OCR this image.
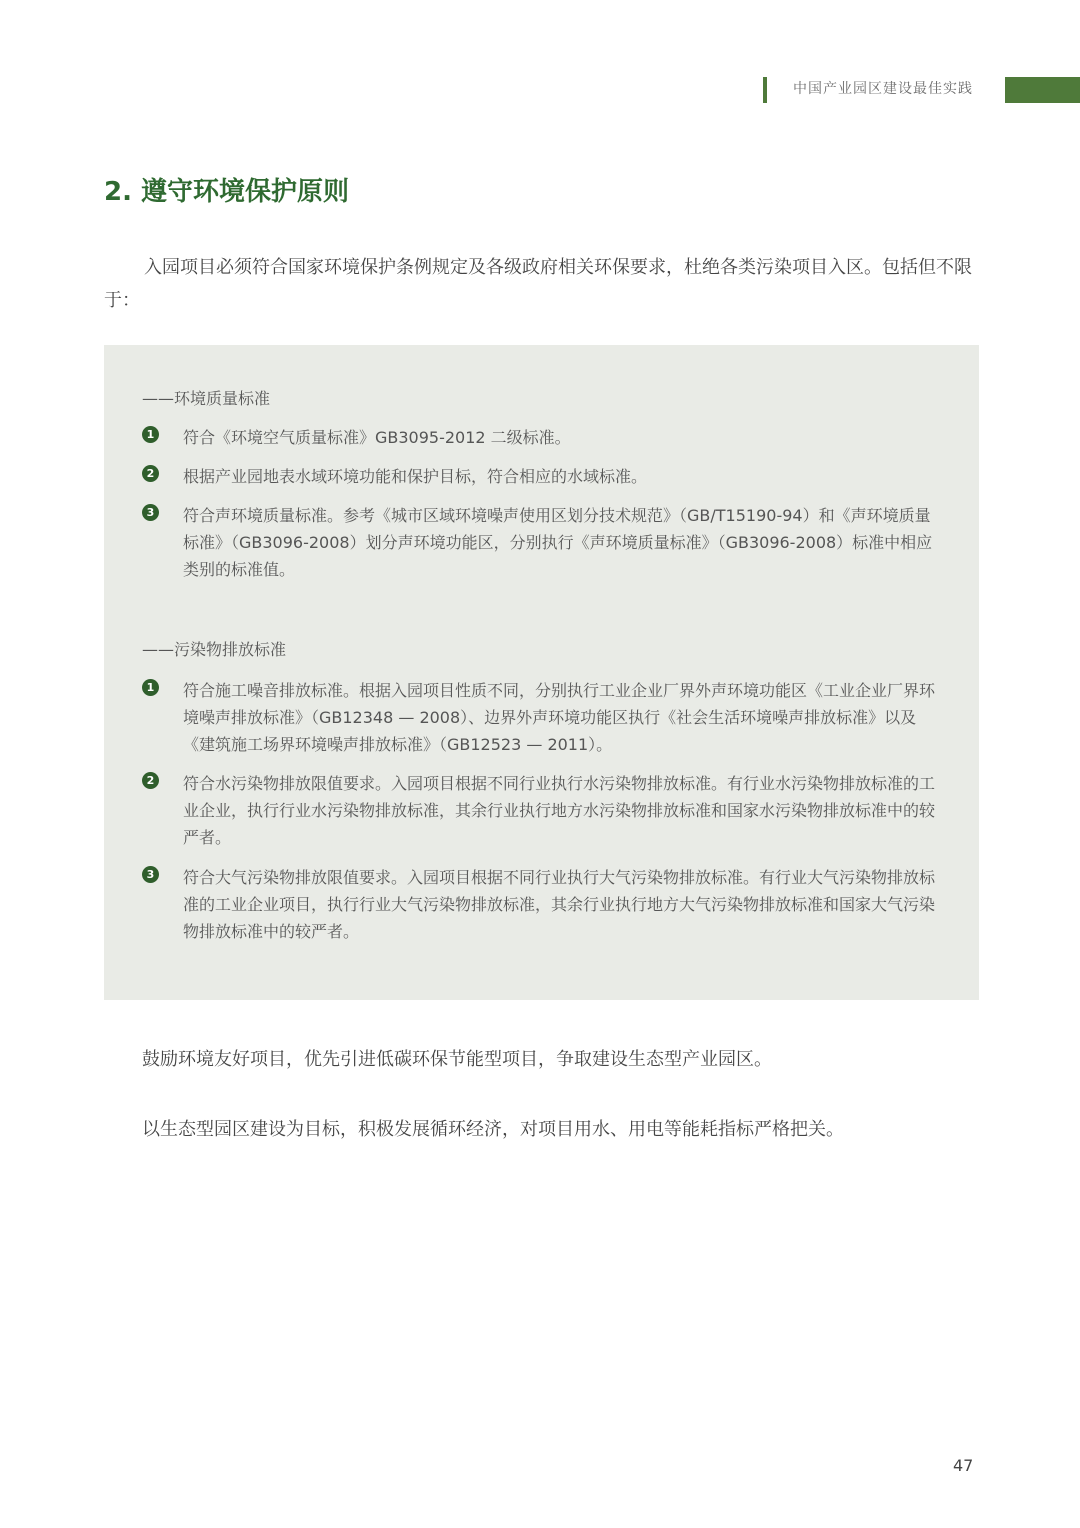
中国产业园区建设最佳实践
2. 遵守环境保护原则

入园项目必须符合国家环境保护条例规定及各级政府相关环保要求，杜绝各类污染项目入区。包括但不限于：

——环境质量标准
1 符合《环境空气质量标准》GB3095-2012 二级标准。
2 根据产业园地表水域环境功能和保护目标，符合相应的水域标准。
3 符合声环境质量标准。参考《城市区域环境噪声使用区划分技术规范》（GB/T15190-94）和《声环境质量标准》（GB3096-2008）划分声环境功能区，分别执行《声环境质量标准》（GB3096-2008）标准中相应类别的标准值。
——污染物排放标准
1 符合施工噪音排放标准。根据入园项目性质不同，分别执行工业企业厂界外声环境功能区《工业企业厂界环境噪声排放标准》（GB12348 — 2008）、边界外声环境功能区执行《社会生活环境噪声排放标准》以及《建筑施工场界环境噪声排放标准》（GB12523 — 2011）。
2 符合水污染物排放限值要求。入园项目根据不同行业执行水污染物排放标准。有行业水污染物排放标准的工业企业，执行行业水污染物排放标准，其余行业执行地方水污染物排放标准和国家水污染物排放标准中的较严者。
3 符合大气污染物排放限值要求。入园项目根据不同行业执行大气污染物排放标准。有行业大气污染物排放标准的工业企业项目，执行行业大气污染物排放标准，其余行业执行地方大气污染物排放标准和国家大气污染物排放标准中的较严者。

鼓励环境友好项目，优先引进低碳环保节能型项目，争取建设生态型产业园区。

以生态型园区建设为目标，积极发展循环经济，对项目用水、用电等能耗指标严格把关。

47
